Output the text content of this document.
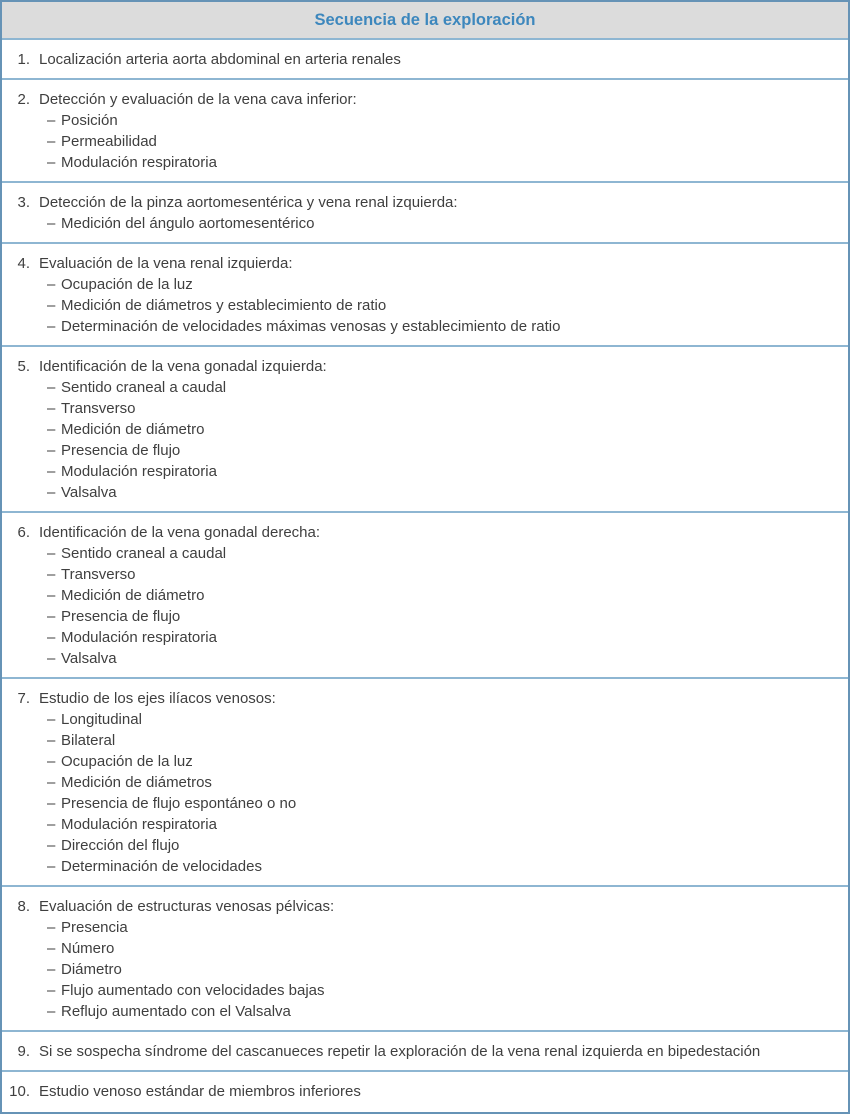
Secuencia de la exploración
1. Localización arteria aorta abdominal en arteria renales
2. Detección y evaluación de la vena cava inferior:
– Posición
– Permeabilidad
– Modulación respiratoria
3. Detección de la pinza aortomesentérica y vena renal izquierda:
– Medición del ángulo aortomesentérico
4. Evaluación de la vena renal izquierda:
– Ocupación de la luz
– Medición de diámetros y establecimiento de ratio
– Determinación de velocidades máximas venosas y establecimiento de ratio
5. Identificación de la vena gonadal izquierda:
– Sentido craneal a caudal
– Transverso
– Medición de diámetro
– Presencia de flujo
– Modulación respiratoria
– Valsalva
6. Identificación de la vena gonadal derecha:
– Sentido craneal a caudal
– Transverso
– Medición de diámetro
– Presencia de flujo
– Modulación respiratoria
– Valsalva
7. Estudio de los ejes ilíacos venosos:
– Longitudinal
– Bilateral
– Ocupación de la luz
– Medición de diámetros
– Presencia de flujo espontáneo o no
– Modulación respiratoria
– Dirección del flujo
– Determinación de velocidades
8. Evaluación de estructuras venosas pélvicas:
– Presencia
– Número
– Diámetro
– Flujo aumentado con velocidades bajas
– Reflujo aumentado con el Valsalva
9. Si se sospecha síndrome del cascanueces repetir la exploración de la vena renal izquierda en bipedestación
10. Estudio venoso estándar de miembros inferiores
